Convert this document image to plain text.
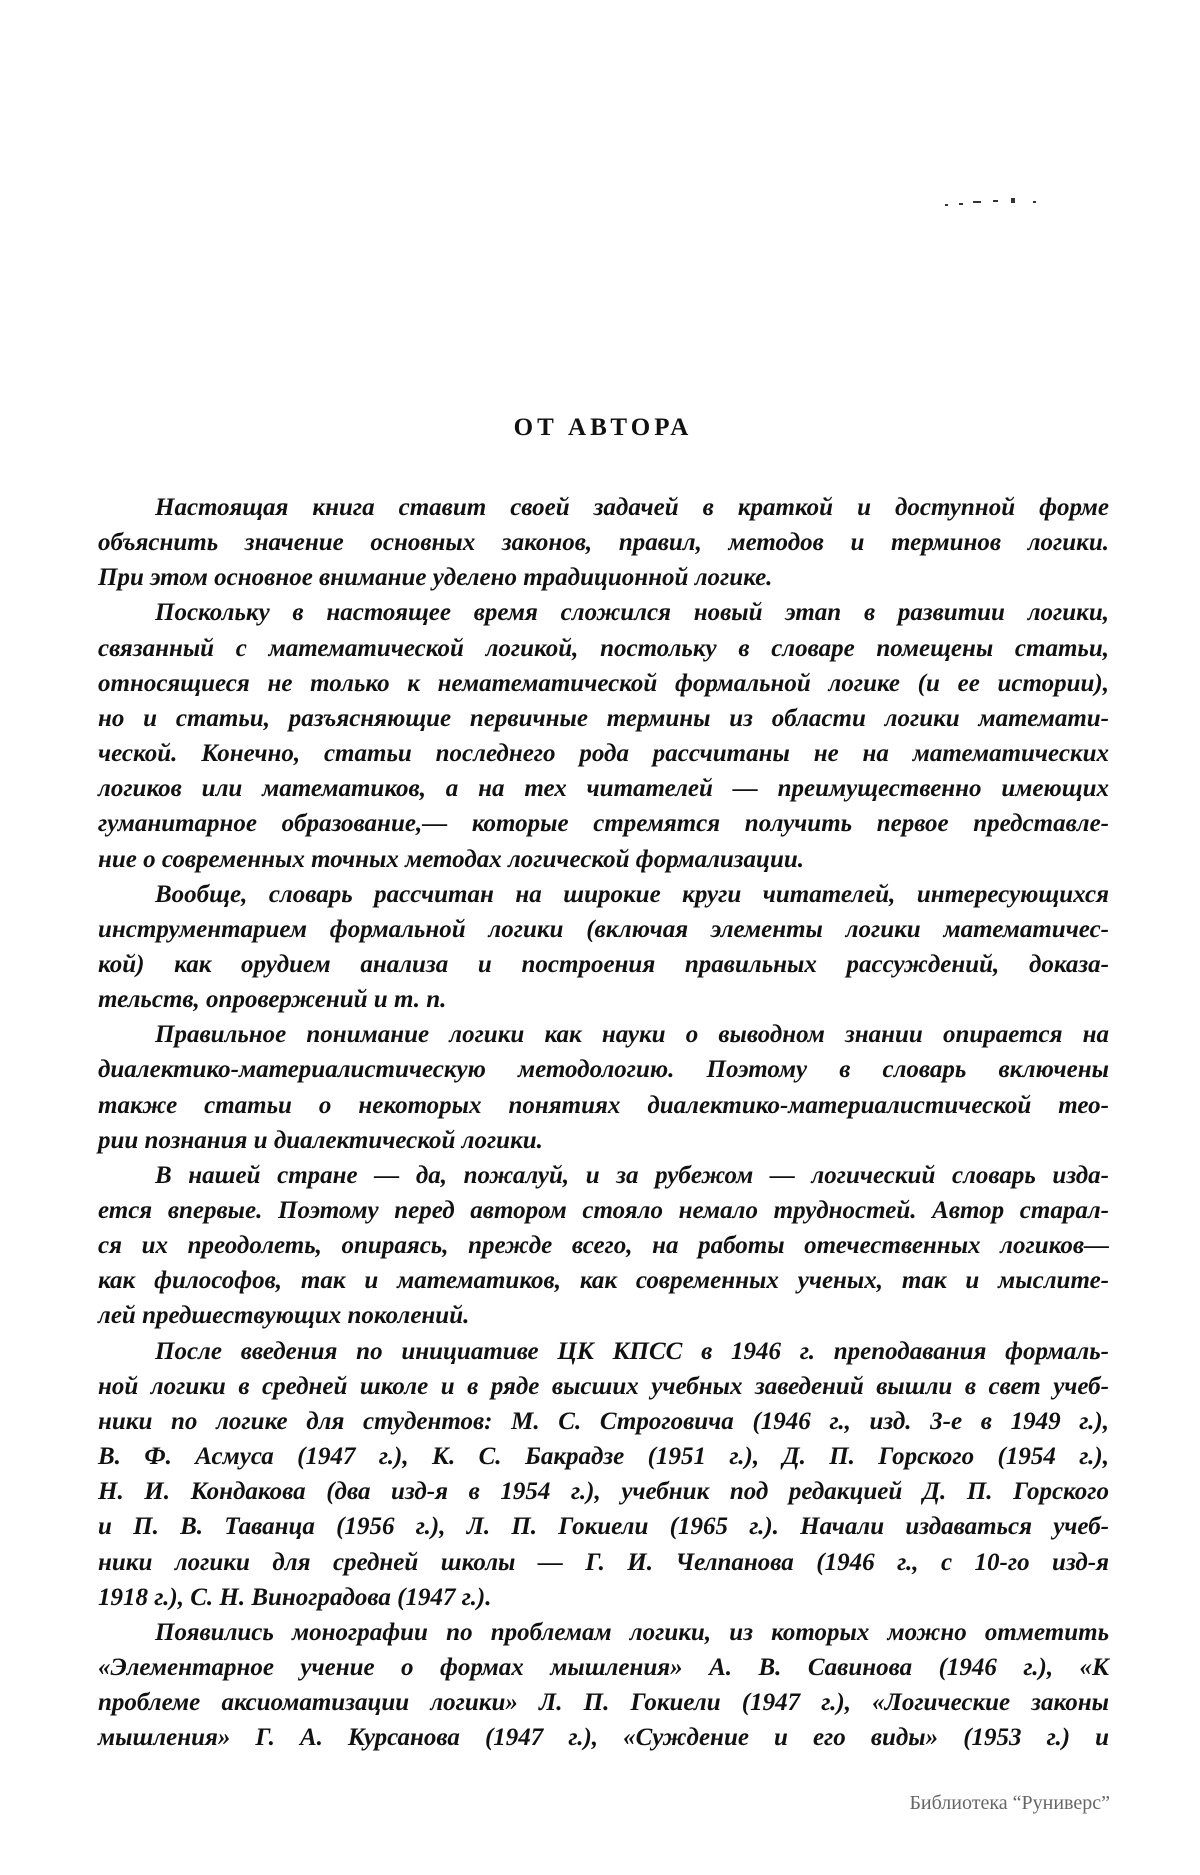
ОТ АВТОРА
Настоящая книга ставит своей задачей в краткой и доступной форме
объяснить значение основных законов, правил, методов и терминов логики.
При этом основное внимание уделено традиционной логике.
Поскольку в настоящее время сложился новый этап в развитии логики,
связанный с математической логикой, постольку в словаре помещены статьи,
относящиеся не только к нематематической формальной логике (и ее истории),
но и статьи, разъясняющие первичные термины из области логики математи-
ческой. Конечно, статьи последнего рода рассчитаны не на математических
логиков или математиков, а на тех читателей — преимущественно имеющих
гуманитарное образование,— которые стремятся получить первое представле-
ние о современных точных методах логической формализации.
Вообще, словарь рассчитан на широкие круги читателей, интересующихся
инструментарием формальной логики (включая элементы логики математичес-
кой) как орудием анализа и построения правильных рассуждений, доказа-
тельств, опровержений и т. п.
Правильное понимание логики как науки о выводном знании опирается на
диалектико-материалистическую методологию. Поэтому в словарь включены
также статьи о некоторых понятиях диалектико-материалистической тео-
рии познания и диалектической логики.
В нашей стране — да, пожалуй, и за рубежом — логический словарь изда-
ется впервые. Поэтому перед автором стояло немало трудностей. Автор старал-
ся их преодолеть, опираясь, прежде всего, на работы отечественных логиков—
как философов, так и математиков, как современных ученых, так и мыслите-
лей предшествующих поколений.
После введения по инициативе ЦК КПСС в 1946 г. преподавания формаль-
ной логики в средней школе и в ряде высших учебных заведений вышли в свет учеб-
ники по логике для студентов: М. С. Строговича (1946 г., изд. 3-е в 1949 г.),
В. Ф. Асмуса (1947 г.), К. С. Бакрадзе (1951 г.), Д. П. Горского (1954 г.),
Н. И. Кондакова (два изд-я в 1954 г.), учебник под редакцией Д. П. Горского
и П. В. Таванца (1956 г.), Л. П. Гокиели (1965 г.). Начали издаваться учеб-
ники логики для средней школы — Г. И. Челпанова (1946 г., с 10-го изд-я
1918 г.), С. Н. Виноградова (1947 г.).
Появились монографии по проблемам логики, из которых можно отметить
«Элементарное учение о формах мышления» А. В. Савинова (1946 г.), «К
проблеме аксиоматизации логики» Л. П. Гокиели (1947 г.), «Логические законы
мышления» Г. А. Курсанова (1947 г.), «Суждение и его виды» (1953 г.) и
Библиотека “Руниверс”
